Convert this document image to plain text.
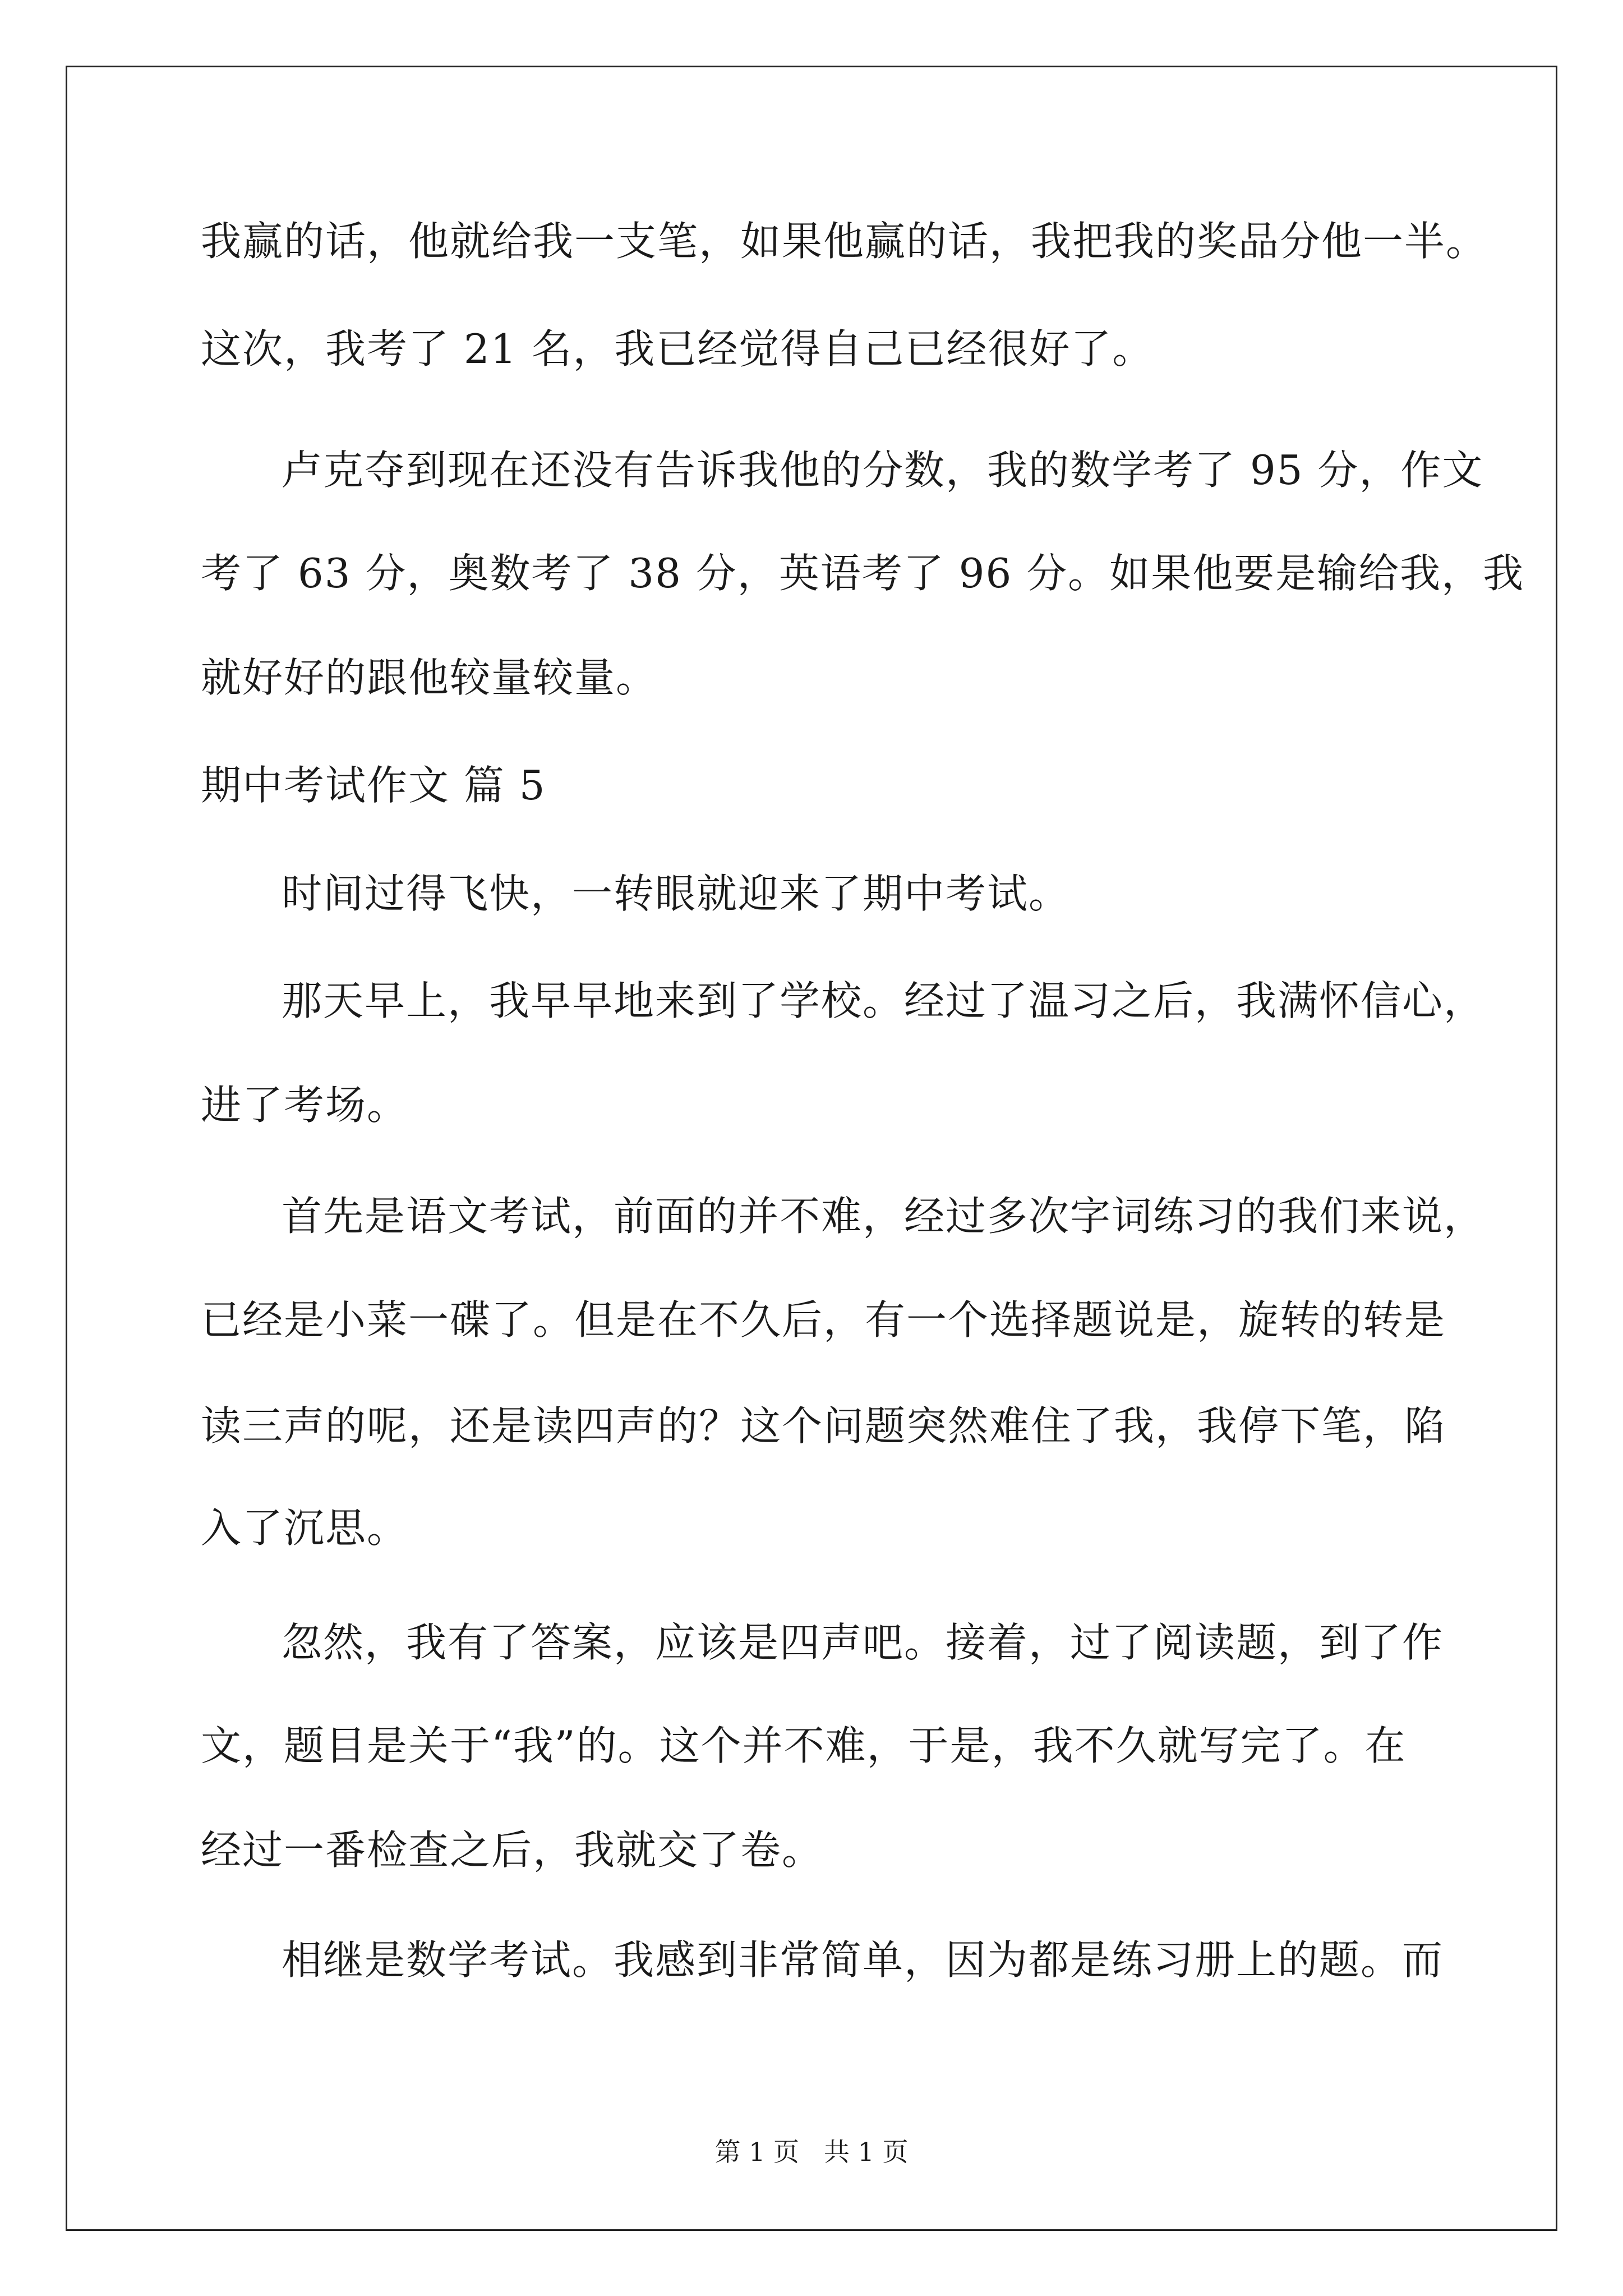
我赢的话，他就给我一支笔，如果他赢的话，我把我的奖品分他一半。
这次，我考了 21 名，我已经觉得自己已经很好了。
卢克夺到现在还没有告诉我他的分数，我的数学考了 95 分，作文
考了 63 分，奥数考了 38 分，英语考了 96 分。如果他要是输给我，我
就好好的跟他较量较量。
期中考试作文 篇 5
时间过得飞快，一转眼就迎来了期中考试。
那天早上，我早早地来到了学校。经过了温习之后，我满怀信心，
进了考场。
首先是语文考试，前面的并不难，经过多次字词练习的我们来说，
已经是小菜一碟了。但是在不久后，有一个选择题说是，旋转的转是
读三声的呢，还是读四声的？这个问题突然难住了我，我停下笔，陷
入了沉思。
忽然，我有了答案，应该是四声吧。接着，过了阅读题，到了作
文，题目是关于“我”的。这个并不难，于是，我不久就写完了。在
经过一番检查之后，我就交了卷。
相继是数学考试。我感到非常简单，因为都是练习册上的题。而
第 1 页 共 1 页
